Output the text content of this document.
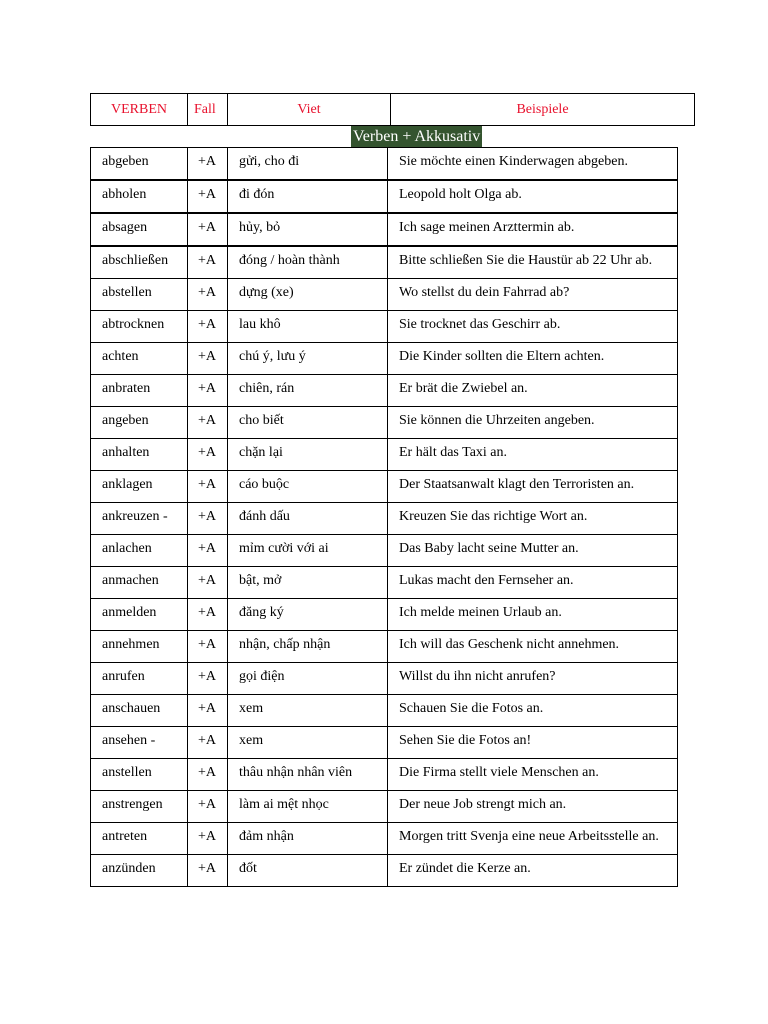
VERBEN	Fall	Viet	Beispiele
Verben + Akkusativ
abgeben	+A	gửi, cho đi	Sie möchte einen Kinderwagen abgeben.
abholen	+A	đi đón	Leopold holt Olga ab.
absagen	+A	hủy, bỏ	Ich sage meinen Arzttermin ab.
abschließen	+A	đóng / hoàn thành	Bitte schließen Sie die Haustür ab 22 Uhr ab.
abstellen	+A	dựng (xe)	Wo stellst du dein Fahrrad ab?
abtrocknen	+A	lau khô	Sie trocknet das Geschirr ab.
achten	+A	chú ý, lưu ý	Die Kinder sollten die Eltern achten.
anbraten	+A	chiên, rán	Er brät die Zwiebel an.
angeben	+A	cho biết	Sie können die Uhrzeiten angeben.
anhalten	+A	chặn lại	Er hält das Taxi an.
anklagen	+A	cáo buộc	Der Staatsanwalt klagt den Terroristen an.
ankreuzen -	+A	đánh dấu	Kreuzen Sie das richtige Wort an.
anlachen	+A	mỉm cười với ai	Das Baby lacht seine Mutter an.
anmachen	+A	bật, mở	Lukas macht den Fernseher an.
anmelden	+A	đăng ký	Ich melde meinen Urlaub an.
annehmen	+A	nhận, chấp nhận	Ich will das Geschenk nicht annehmen.
anrufen	+A	gọi điện	Willst du ihn nicht anrufen?
anschauen	+A	xem	Schauen Sie die Fotos an.
ansehen -	+A	xem	Sehen Sie die Fotos an!
anstellen	+A	thâu nhận nhân viên	Die Firma stellt viele Menschen an.
anstrengen	+A	làm ai mệt nhọc	Der neue Job strengt mich an.
antreten	+A	đảm nhận	Morgen tritt Svenja eine neue Arbeitsstelle an.
anzünden	+A	đốt	Er zündet die Kerze an.
